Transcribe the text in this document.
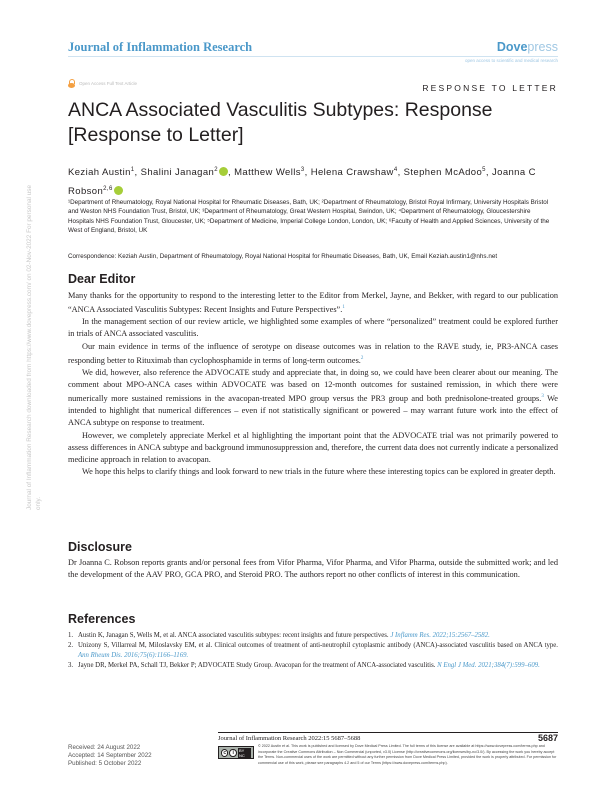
Journal of Inflammation Research	Dovepress
open access to scientific and medical research
Open Access Full Text Article	RESPONSE TO LETTER
ANCA Associated Vasculitis Subtypes: Response [Response to Letter]
Keziah Austin$^1$, Shalini Janagan$^2$ , Matthew Wells$^3$, Helena Crawshaw$^4$, Stephen McAdoo$^5$, Joanna C Robson$^{2,6}$
¹Department of Rheumatology, Royal National Hospital for Rheumatic Diseases, Bath, UK; ²Department of Rheumatology, Bristol Royal Infirmary, University Hospitals Bristol and Weston NHS Foundation Trust, Bristol, UK; ³Department of Rheumatology, Great Western Hospital, Swindon, UK; ⁴Department of Rheumatology, Gloucestershire Hospitals NHS Foundation Trust, Gloucester, UK; ⁵Department of Medicine, Imperial College London, London, UK; ⁶Faculty of Health and Applied Sciences, University of the West of England, Bristol, UK
Correspondence: Keziah Austin, Department of Rheumatology, Royal National Hospital for Rheumatic Diseases, Bath, UK, Email Keziah.austin1@nhs.net
Journal of Inflammation Research downloaded from https://www.dovepress.com/ on 02-Nov-2022 For personal use only.
Dear Editor

Many thanks for the opportunity to respond to the interesting letter to the Editor from Merkel, Jayne, and Bekker, with regard to our publication “ANCA Associated Vasculitis Subtypes: Recent Insights and Future Perspectives”.$^1$

In the management section of our review article, we highlighted some examples of where “personalized” treatment could be explored further in trials of ANCA associated vasculitis.

Our main evidence in terms of the influence of serotype on disease outcomes was in relation to the RAVE study, ie, PR3-ANCA cases responding better to Rituximab than cyclophosphamide in terms of long-term outcomes.$^2$

We did, however, also reference the ADVOCATE study and appreciate that, in doing so, we could have been clearer about our meaning. The comment about MPO-ANCA cases within ADVOCATE was based on 12-month outcomes for sustained remission, in which there were numerically more sustained remissions in the avacopan-treated MPO group versus the PR3 group and both prednisolone-treated groups.$^3$ We intended to highlight that numerical differences – even if not statistically significant or powered – may warrant future work into the effect of ANCA subtype on response to treatment.

However, we completely appreciate Merkel et al highlighting the important point that the ADVOCATE trial was not primarily powered to assess differences in ANCA subtype and background immunosuppression and, therefore, the current data does not currently indicate a personalized medicine approach in relation to avacopan.

We hope this helps to clarify things and look forward to new trials in the future where these interesting topics can be explored in greater depth.

Disclosure
Dr Joanna C. Robson reports grants and/or personal fees from Vifor Pharma, Vifor Pharma, and Vifor Pharma, outside the submitted work; and led the development of the AAV PRO, GCA PRO, and Steroid PRO. The authors report no other conflicts of interest in this communication.
References
1. Austin K, Janagan S, Wells M, et al. ANCA associated vasculitis subtypes: recent insights and future perspectives. J Inflamm Res. 2022;15:2567–2582.
2. Unizony S, Villarreal M, Miloslavsky EM, et al. Clinical outcomes of treatment of anti-neutrophil cytoplasmic antibody (ANCA)-associated vasculitis based on ANCA type. Ann Rheum Dis. 2016;75(6):1166–1169.
3. Jayne DR, Merkel PA, Schall TJ, Bekker P; ADVOCATE Study Group. Avacopan for the treatment of ANCA-associated vasculitis. N Engl J Med. 2021;384(7):599–609.
Journal of Inflammation Research 2022:15 5687–5688	5687
Received: 24 August 2022
Accepted: 14 September 2022
Published: 5 October 2022
c	i	BY NC
© 2022 Austin et al. This work is published and licensed by Dove Medical Press Limited. The full terms of this license are available at https://www.dovepress.com/terms.php and incorporate the Creative Commons Attribution – Non Commercial (unported, v3.0) License (http://creativecommons.org/licenses/by-nc/3.0/). By accessing the work you hereby accept the Terms. Non-commercial uses of the work are permitted without any further permission from Dove Medical Press Limited, provided the work is properly attributed. For permission for commercial use of this work, please see paragraphs 4.2 and 5 of our Terms (https://www.dovepress.com/terms.php).
